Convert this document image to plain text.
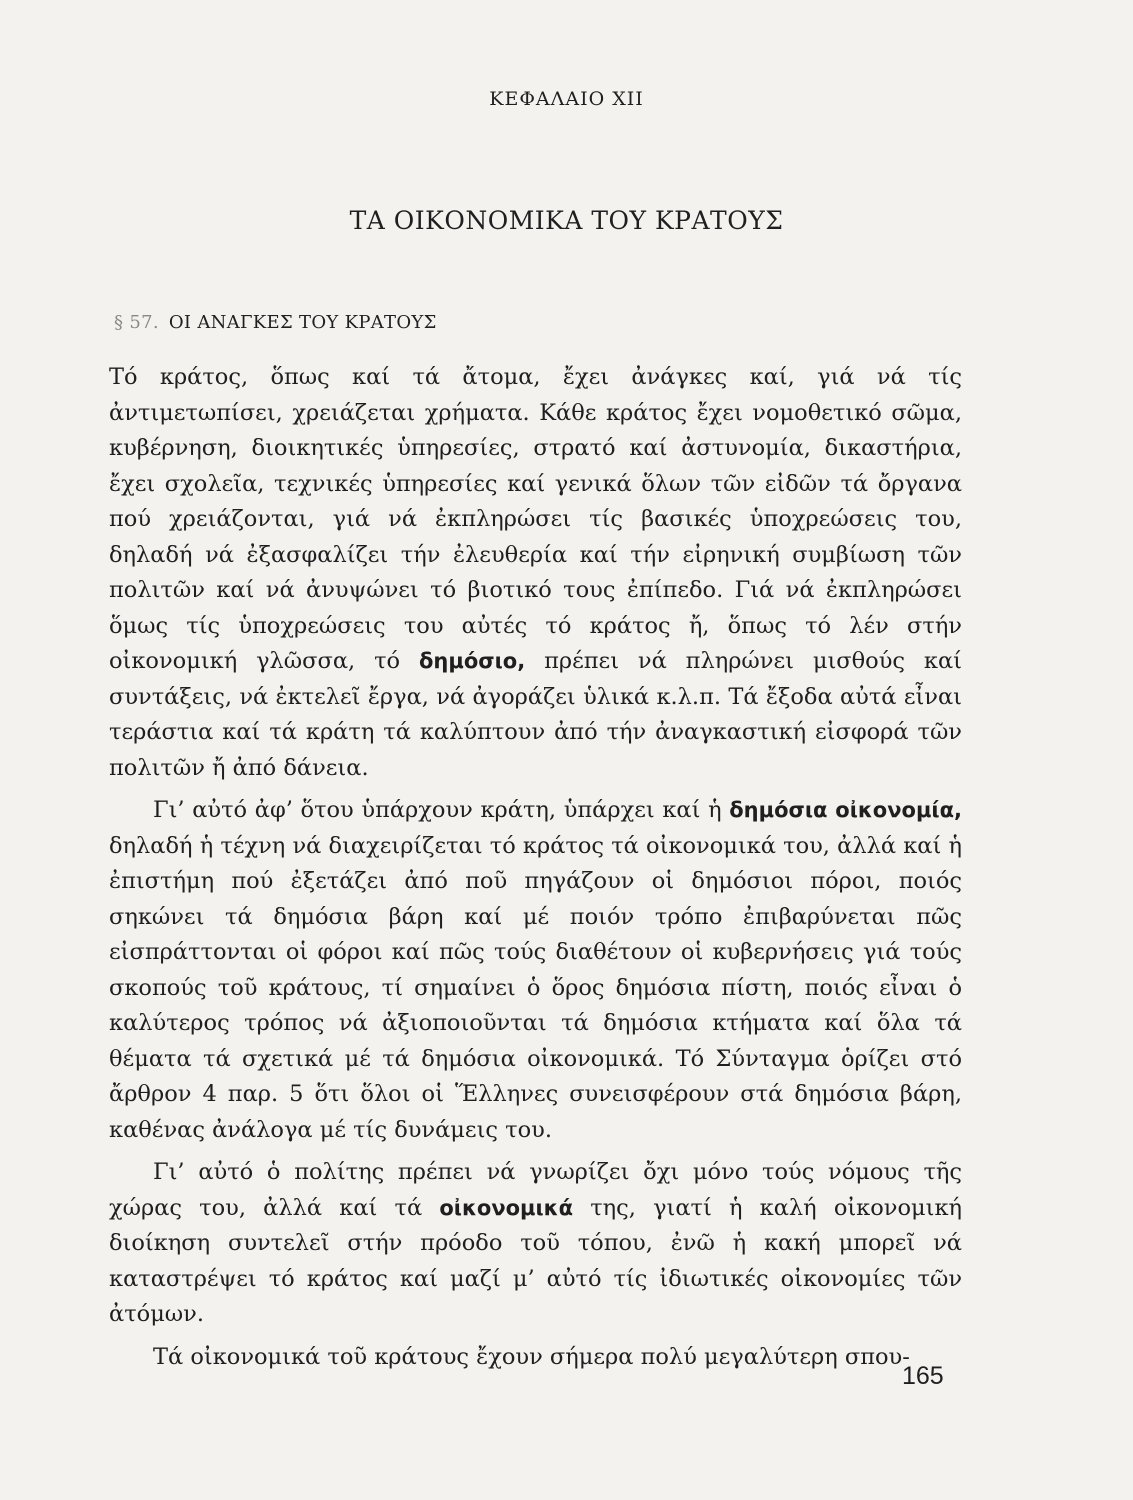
ΚΕΦΑΛΑΙΟ ΧΙΙ
ΤΑ ΟΙΚΟΝΟΜΙΚΑ ΤΟΥ ΚΡΑΤΟΥΣ
§ 57. ΟΙ ΑΝΑΓΚΕΣ ΤΟΥ ΚΡΑΤΟΥΣ

Τό κράτος, ὅπως καί τά ἄτομα, ἔχει ἀνάγκες καί, γιά νά τίς ἀντιμετωπίσει, χρειάζεται χρήματα. Κάθε κράτος ἔχει νομοθετικό σῶμα, κυβέρνηση, διοικητικές ὑπηρεσίες, στρατό καί ἀστυνομία, δικαστήρια, ἔχει σχολεῖα, τεχνικές ὑπηρεσίες καί γενικά ὅλων τῶν εἰδῶν τά ὄργανα πού χρειάζονται, γιά νά ἐκπληρώσει τίς βασικές ὑποχρεώσεις του, δηλαδή νά ἐξασφαλίζει τήν ἐλευθερία καί τήν εἰρηνική συμβίωση τῶν πολιτῶν καί νά ἀνυψώνει τό βιοτικό τους ἐπίπεδο. Γιά νά ἐκπληρώσει ὅμως τίς ὑποχρεώσεις του αὐτές τό κράτος ἤ, ὅπως τό λέν στήν οἰκονομική γλῶσσα, τό δημόσιο, πρέπει νά πληρώνει μισθούς καί συντάξεις, νά ἐκτελεῖ ἔργα, νά ἀγοράζει ὑλικά κ.λ.π. Τά ἔξοδα αὐτά εἶναι τεράστια καί τά κράτη τά καλύπτουν ἀπό τήν ἀναγκαστική εἰσφορά τῶν πολιτῶν ἤ ἀπό δάνεια.

Γι’ αὐτό ἀφ’ ὅτου ὑπάρχουν κράτη, ὑπάρχει καί ἡ δημόσια οἰκονομία, δηλαδή ἡ τέχνη νά διαχειρίζεται τό κράτος τά οἰκονομικά του, ἀλλά καί ἡ ἐπιστήμη πού ἐξετάζει ἀπό ποῦ πηγάζουν οἱ δημόσιοι πόροι, ποιός σηκώνει τά δημόσια βάρη καί μέ ποιόν τρόπο ἐπιβαρύνεται πῶς εἰσπράττονται οἱ φόροι καί πῶς τούς διαθέτουν οἱ κυβερνήσεις γιά τούς σκοπούς τοῦ κράτους, τί σημαίνει ὁ ὅρος δημόσια πίστη, ποιός εἶναι ὁ καλύτερος τρόπος νά ἀξιοποιοῦνται τά δημόσια κτήματα καί ὅλα τά θέματα τά σχετικά μέ τά δημόσια οἰκονομικά. Τό Σύνταγμα ὁρίζει στό ἄρθρον 4 παρ. 5 ὅτι ὅλοι οἱ Ἕλληνες συνεισφέρουν στά δημόσια βάρη, καθένας ἀνάλογα μέ τίς δυνάμεις του.

Γι’ αὐτό ὁ πολίτης πρέπει νά γνωρίζει ὄχι μόνο τούς νόμους τῆς χώρας του, ἀλλά καί τά οἰκονομικά της, γιατί ἡ καλή οἰκονομική διοίκηση συντελεῖ στήν πρόοδο τοῦ τόπου, ἐνῶ ἡ κακή μπορεῖ νά καταστρέψει τό κράτος καί μαζί μ’ αὐτό τίς ἰδιωτικές οἰκονομίες τῶν ἀτόμων.

Τά οἰκονομικά τοῦ κράτους ἔχουν σήμερα πολύ μεγαλύτερη σπου-

165
